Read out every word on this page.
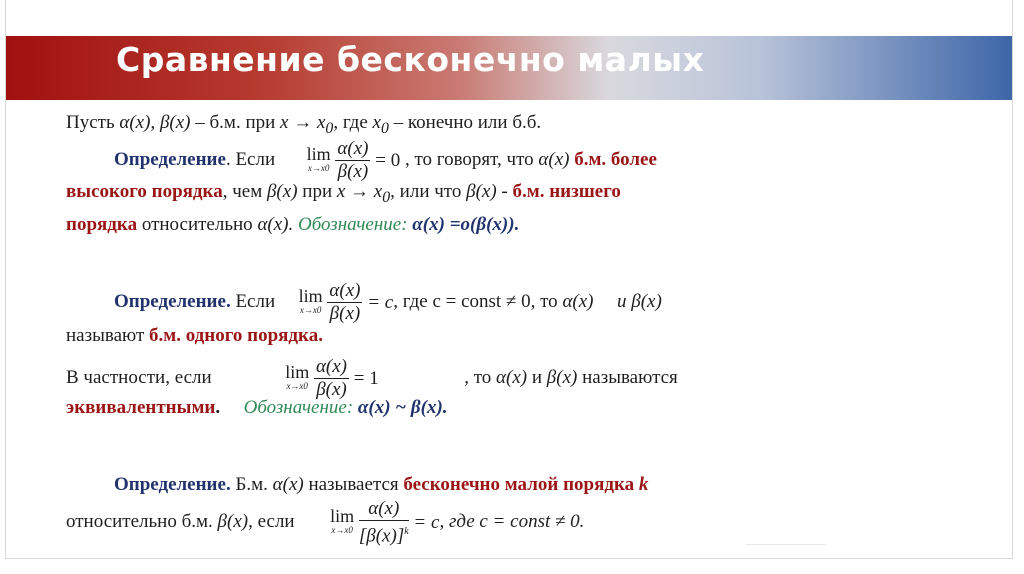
Сравнение бесконечно малых
Пусть α(x), β(x) – б.м. при $x \to x_0$, где $x_0$ – конечно или б.б.
Определение. Если lim
x→x0
$\frac{\alpha(x)}{\beta(x)} = 0$ , то говорят, что α(x) б.м. более
высокого порядка, чем β(x) при $x \to x_0$, или что β(x) - б.м. низшего
порядка относительно α(x). Обозначение: α(x) =o(β(x)).
Определение. Если lim
x→x0
$\frac{\alpha(x)}{\beta(x)} = c$, где c = const ≠ 0, то α(x) и β(x)
называют б.м. одного порядка.
В частности, если	lim
x→x0
$\frac{\alpha(x)}{\beta(x)} = 1$	, то α(x) и β(x) называются
эквивалентными. Обозначение: α(x) ~ β(x).
Определение. Б.м. α(x) называется бесконечно малой порядка k
относительно б.м. β(x), если lim
x→x0
$\frac{\alpha(x)}{[\beta(x)]^k} = c$, где c = const ≠ 0.
